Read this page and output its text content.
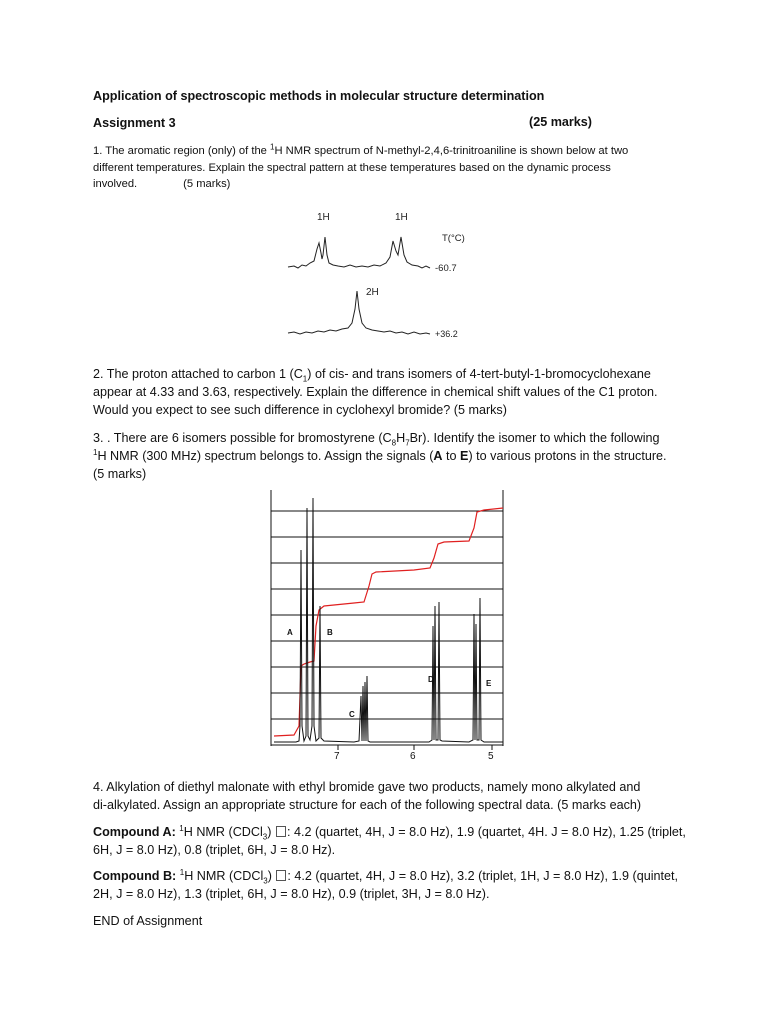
Application of spectroscopic methods in molecular structure determination
Assignment 3	(25 marks)
1. The aromatic region (only) of the $^1$H NMR spectrum of N-methyl-2,4,6-trinitroaniline is shown below at two
different temperatures. Explain the spectral pattern at these temperatures based on the dynamic process
involved.	(5 marks)
1H	1H
T(°C)
-60.7
2H
+36.2
2. The proton attached to carbon 1 $(C_1)$ of cis- and trans isomers of 4-tert-butyl-1-bromocyclohexane
appear at 4.33 and 3.63, respectively. Explain the difference in chemical shift values of the C1 proton.
Would you expect to see such difference in cyclohexyl bromide? (5 marks)
3. . There are 6 isomers possible for bromostyrene $(C_8H_7Br)$. Identify the isomer to which the following
$^1$H NMR (300 MHz) spectrum belongs to. Assign the signals (A to E) to various protons in the structure.
(5 marks)
7	6	5
A	B
C
D	E
4. Alkylation of diethyl malonate with ethyl bromide gave two products, namely mono alkylated and
di-alkylated. Assign an appropriate structure for each of the following spectral data. (5 marks each)
Compound A: $^1$H NMR (CDCl$_3$) : 4.2 (quartet, 4H, J = 8.0 Hz), 1.9 (quartet, 4H. J = 8.0 Hz), 1.25 (triplet,
6H, J = 8.0 Hz), 0.8 (triplet, 6H, J = 8.0 Hz).
Compound B: $^1$H NMR (CDCl$_3$) : 4.2 (quartet, 4H, J = 8.0 Hz), 3.2 (triplet, 1H, J = 8.0 Hz), 1.9 (quintet,
2H, J = 8.0 Hz), 1.3 (triplet, 6H, J = 8.0 Hz), 0.9 (triplet, 3H, J = 8.0 Hz).
END of Assignment
